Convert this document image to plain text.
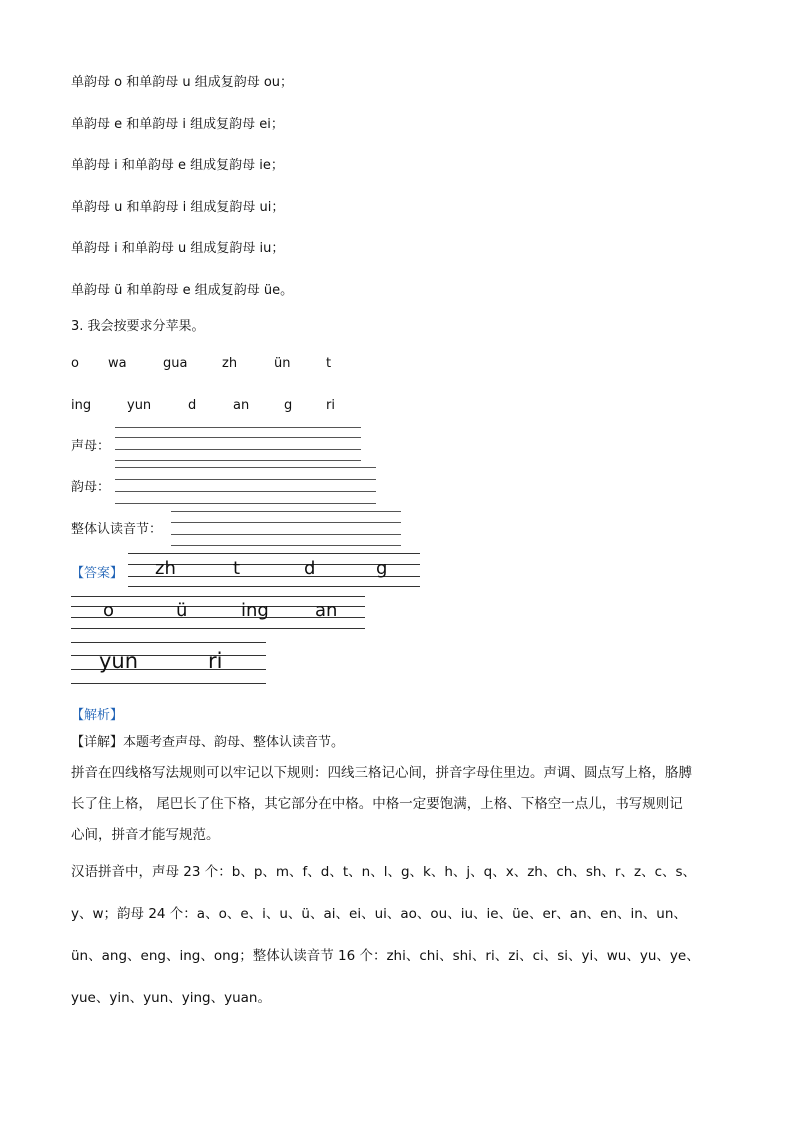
单韵母 o 和单韵母 u 组成复韵母 ou；
单韵母 e 和单韵母 i 组成复韵母 ei；
单韵母 i 和单韵母 e 组成复韵母 ie；
单韵母 u 和单韵母 i 组成复韵母 ui；
单韵母 i 和单韵母 u 组成复韵母 iu；
单韵母 ü 和单韵母 e 组成复韵母 üe。
3. 我会按要求分苹果。
o wa	gua	zh	ün	t
ing	yun	d	an	g	ri
声母：
韵母：
整体认读音节：
【答案】 zh	t	d	g
o	ü	ing	an
yun	ri
【解析】
【详解】本题考查声母、韵母、整体认读音节。
拼音在四线格写法规则可以牢记以下规则：四线三格记心间，拼音字母住里边。声调、圆点写上格，胳膊
长了住上格， 尾巴长了住下格，其它部分在中格。中格一定要饱满，上格、下格空一点儿，书写规则记
心间，拼音才能写规范。
汉语拼音中，声母 23 个：b、p、m、f、d、t、n、l、g、k、h、j、q、x、zh、ch、sh、r、z、c、s、
y、w；韵母 24 个：a、o、e、i、u、ü、ai、ei、ui、ao、ou、iu、ie、üe、er、an、en、in、un、
ün、ang、eng、ing、ong；整体认读音节 16 个：zhi、chi、shi、ri、zi、ci、si、yi、wu、yu、ye、
yue、yin、yun、ying、yuan。
